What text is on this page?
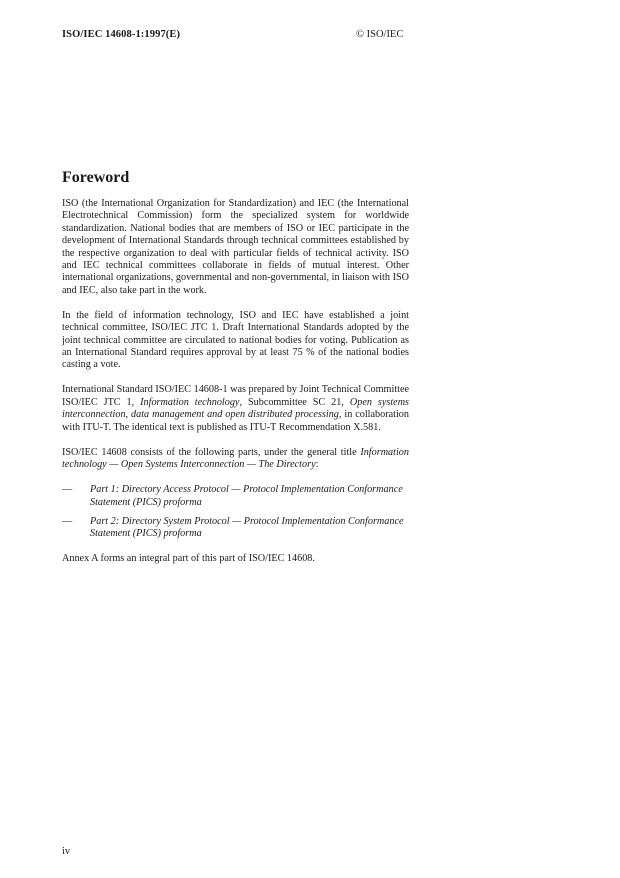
ISO/IEC 14608-1:1997(E)	© ISO/IEC
Foreword

ISO (the International Organization for Standardization) and IEC (the International Electrotechnical Commission) form the specialized system for worldwide standardization. National bodies that are members of ISO or IEC participate in the development of International Standards through technical committees established by the respective organization to deal with particular fields of technical activity. ISO and IEC technical committees collaborate in fields of mutual interest. Other international organizations, governmental and non-governmental, in liaison with ISO and IEC, also take part in the work.

In the field of information technology, ISO and IEC have established a joint technical committee, ISO/IEC JTC 1. Draft International Standards adopted by the joint technical committee are circulated to national bodies for voting. Publication as an International Standard requires approval by at least 75 % of the national bodies casting a vote.

International Standard ISO/IEC 14608-1 was prepared by Joint Technical Committee ISO/IEC JTC 1, Information technology, Subcommittee SC 21, Open systems interconnection, data management and open distributed processing, in collaboration with ITU-T. The identical text is published as ITU-T Recommendation X.581.

ISO/IEC 14608 consists of the following parts, under the general title Information technology — Open Systems Interconnection — The Directory:

—	Part 1: Directory Access Protocol — Protocol Implementation Conformance Statement (PICS) proforma
—	Part 2: Directory System Protocol — Protocol Implementation Conformance Statement (PICS) proforma

Annex A forms an integral part of this part of ISO/IEC 14608.

iv
